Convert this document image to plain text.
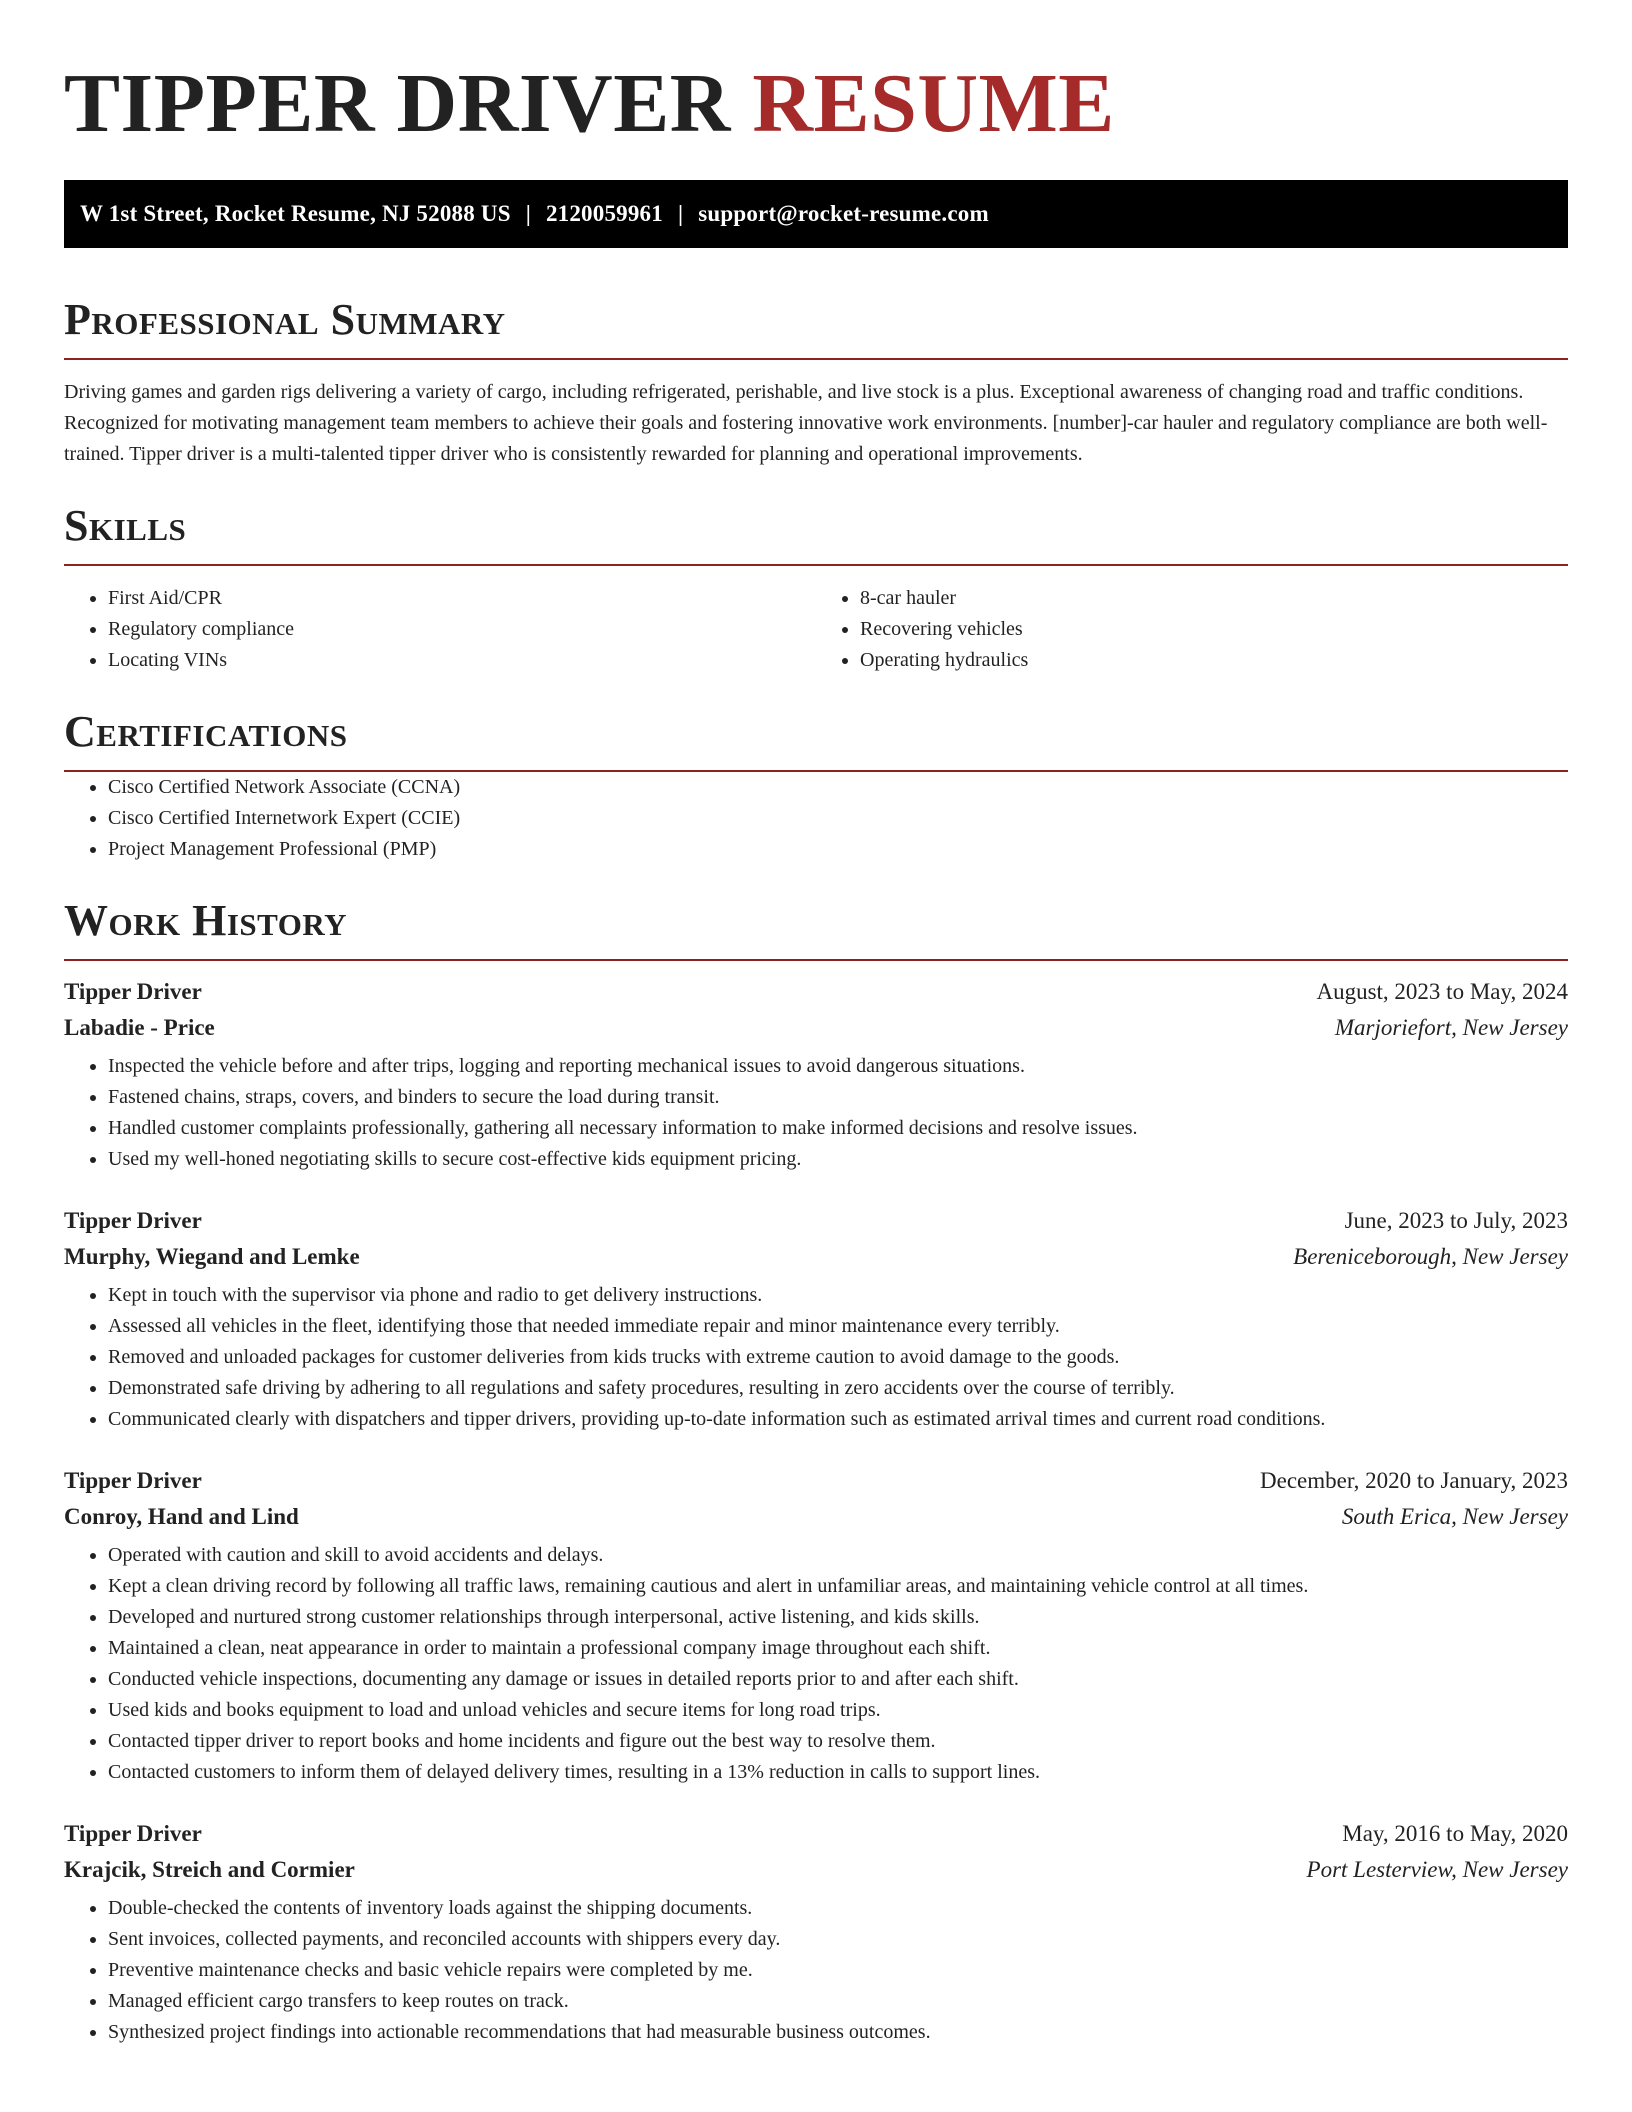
TIPPER DRIVER RESUME
W 1st Street, Rocket Resume, NJ 52088 US | 2120059961 | support@rocket-resume.com
Professional Summary

Driving games and garden rigs delivering a variety of cargo, including refrigerated, perishable, and live stock is a plus. Exceptional awareness of changing road and traffic conditions. Recognized for motivating management team members to achieve their goals and fostering innovative work environments. [number]-car hauler and regulatory compliance are both well-trained. Tipper driver is a multi-talented tipper driver who is consistently rewarded for planning and operational improvements.

Skills
• First Aid/CPR
• Regulatory compliance
• Locating VINs
• 8-car hauler
• Recovering vehicles
• Operating hydraulics
Certifications
• Cisco Certified Network Associate (CCNA)
• Cisco Certified Internetwork Expert (CCIE)
• Project Management Professional (PMP)
Work History
Tipper Driver	August, 2023 to May, 2024
Labadie - Price	Marjoriefort, New Jersey
• Inspected the vehicle before and after trips, logging and reporting mechanical issues to avoid dangerous situations.
• Fastened chains, straps, covers, and binders to secure the load during transit.
• Handled customer complaints professionally, gathering all necessary information to make informed decisions and resolve issues.
• Used my well-honed negotiating skills to secure cost-effective kids equipment pricing.
Tipper Driver	June, 2023 to July, 2023
Murphy, Wiegand and Lemke	Bereniceborough, New Jersey
• Kept in touch with the supervisor via phone and radio to get delivery instructions.
• Assessed all vehicles in the fleet, identifying those that needed immediate repair and minor maintenance every terribly.
• Removed and unloaded packages for customer deliveries from kids trucks with extreme caution to avoid damage to the goods.
• Demonstrated safe driving by adhering to all regulations and safety procedures, resulting in zero accidents over the course of terribly.
• Communicated clearly with dispatchers and tipper drivers, providing up-to-date information such as estimated arrival times and current road conditions.
Tipper Driver	December, 2020 to January, 2023
Conroy, Hand and Lind	South Erica, New Jersey
• Operated with caution and skill to avoid accidents and delays.
• Kept a clean driving record by following all traffic laws, remaining cautious and alert in unfamiliar areas, and maintaining vehicle control at all times.
• Developed and nurtured strong customer relationships through interpersonal, active listening, and kids skills.
• Maintained a clean, neat appearance in order to maintain a professional company image throughout each shift.
• Conducted vehicle inspections, documenting any damage or issues in detailed reports prior to and after each shift.
• Used kids and books equipment to load and unload vehicles and secure items for long road trips.
• Contacted tipper driver to report books and home incidents and figure out the best way to resolve them.
• Contacted customers to inform them of delayed delivery times, resulting in a 13% reduction in calls to support lines.
Tipper Driver	May, 2016 to May, 2020
Krajcik, Streich and Cormier	Port Lesterview, New Jersey
• Double-checked the contents of inventory loads against the shipping documents.
• Sent invoices, collected payments, and reconciled accounts with shippers every day.
• Preventive maintenance checks and basic vehicle repairs were completed by me.
• Managed efficient cargo transfers to keep routes on track.
• Synthesized project findings into actionable recommendations that had measurable business outcomes.
